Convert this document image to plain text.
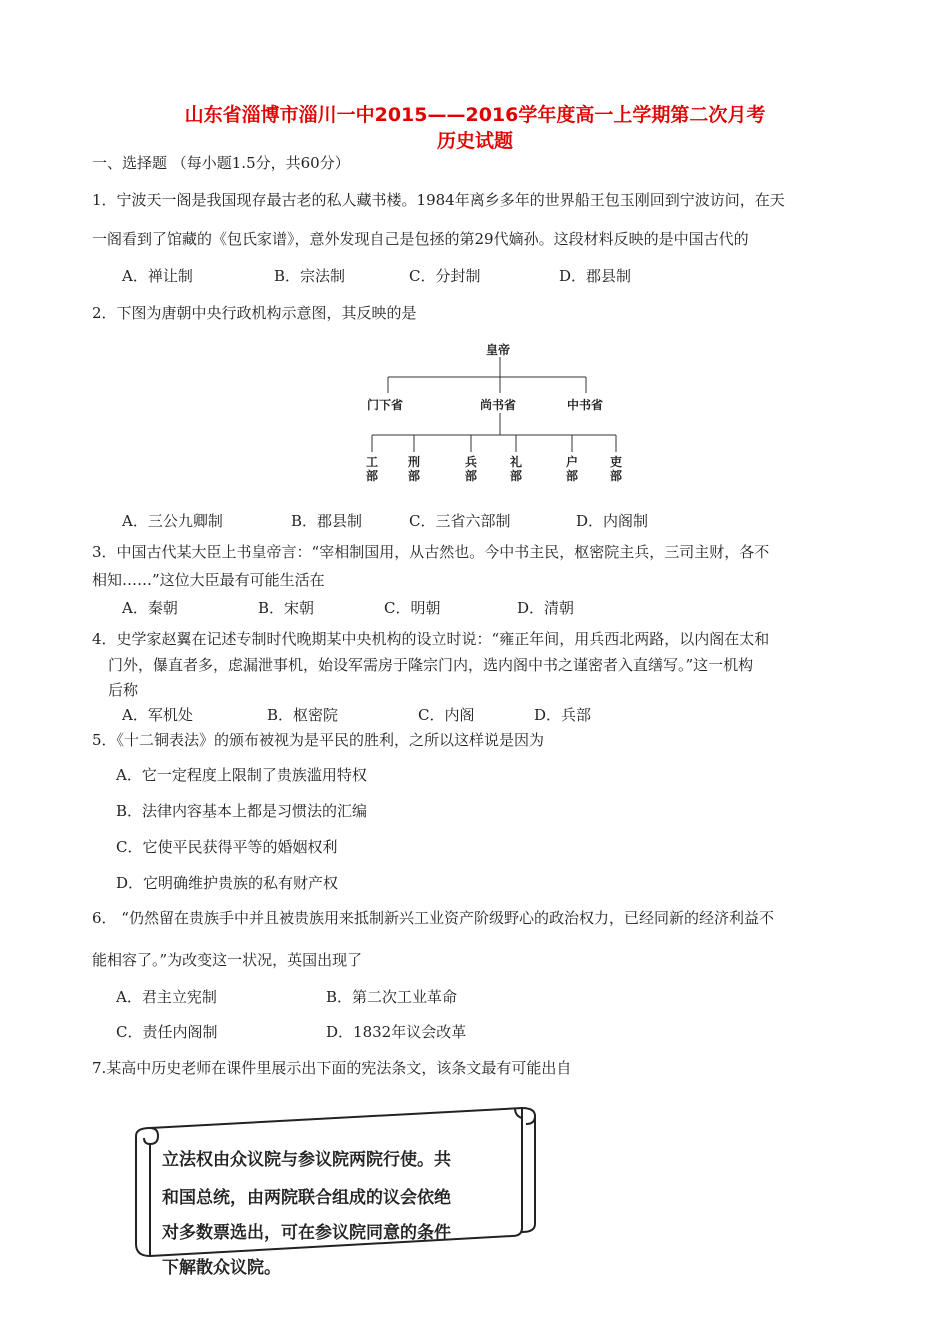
山东省淄博市淄川一中2015——2016学年度高一上学期第二次月考
历史试题
一、选择题 （每小题1.5分，共60分）
1．宁波天一阁是我国现存最古老的私人藏书楼。1984年离乡多年的世界船王包玉刚回到宁波访问，在天
一阁看到了馆藏的《包氏家谱》，意外发现自己是包拯的第29代嫡孙。这段材料反映的是中国古代的
A．禅让制	B．宗法制	C．分封制	D．郡县制
2．下图为唐朝中央行政机构示意图，其反映的是
皇帝
门下省	尚书省	中书省
工部
刑部
兵部
礼部
户部
吏部
A．三公九卿制	B．郡县制	C．三省六部制	D．内阁制
3．中国古代某大臣上书皇帝言：“宰相制国用，从古然也。今中书主民，枢密院主兵，三司主财，各不
相知……”这位大臣最有可能生活在
A．秦朝	B．宋朝	C．明朝	D．清朝
4．史学家赵翼在记述专制时代晚期某中央机构的设立时说：“雍正年间，用兵西北两路，以内阁在太和
门外，儤直者多，虑漏泄事机，始设军需房于隆宗门内，选内阁中书之谨密者入直缮写。”这一机构
后称
A．军机处	B．枢密院	C．内阁	D．兵部
5．《十二铜表法》的颁布被视为是平民的胜利，之所以这样说是因为
A．它一定程度上限制了贵族滥用特权
B．法律内容基本上都是习惯法的汇编
C．它使平民获得平等的婚姻权利
D．它明确维护贵族的私有财产权
6． “仍然留在贵族手中并且被贵族用来抵制新兴工业资产阶级野心的政治权力，已经同新的经济利益不
能相容了。”为改变这一状况，英国出现了
A．君主立宪制	B．第二次工业革命
C．责任内阁制	D．1832年议会改革
7.某高中历史老师在课件里展示出下面的宪法条文，该条文最有可能出自
立法权由众议院与参议院两院行使。共
和国总统，由两院联合组成的议会依绝
对多数票选出，可在参议院同意的条件
下解散众议院。
